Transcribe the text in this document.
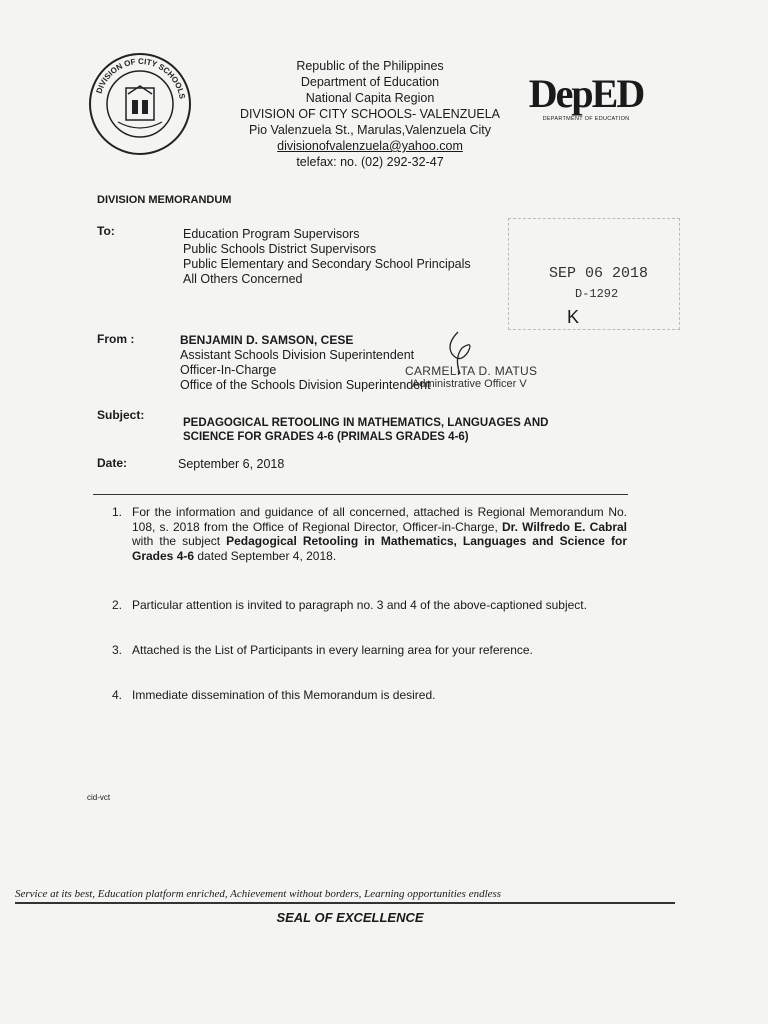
DIVISION OF CITY SCHOOLS
Republic of the Philippines
Department of Education
National Capita Region
DIVISION OF CITY SCHOOLS- VALENZUELA
Pio Valenzuela St., Marulas,Valenzuela City
divisionofvalenzuela@yahoo.com
telefax: no. (02) 292-32-47
DepED
DEPARTMENT OF EDUCATION
DIVISION MEMORANDUM
To:	Education Program Supervisors
Public Schools District Supervisors
Public Elementary and Secondary School Principals
All Others Concerned	SEP 06 2018
D-1292
K
From :	BENJAMIN D. SAMSON, CESE
Assistant Schools Division Superintendent
Officer-In-Charge
Office of the Schools Division Superintendent
CARMELITA D. MATUS
Administrative Officer V
Subject:
PEDAGOGICAL RETOOLING IN MATHEMATICS, LANGUAGES AND SCIENCE FOR GRADES 4-6 (PRIMALS GRADES 4-6)
Date:	September 6, 2018
1. For the information and guidance of all concerned, attached is Regional Memorandum No. 108, s. 2018 from the Office of Regional Director, Officer-in-Charge, Dr. Wilfredo E. Cabral with the subject Pedagogical Retooling in Mathematics, Languages and Science for Grades 4-6 dated September 4, 2018.
2. Particular attention is invited to paragraph no. 3 and 4 of the above-captioned subject.
3. Attached is the List of Participants in every learning area for your reference.
4. Immediate dissemination of this Memorandum is desired.
cid-vct
Service at its best, Education platform enriched, Achievement without borders, Learning opportunities endless
SEAL OF EXCELLENCE
